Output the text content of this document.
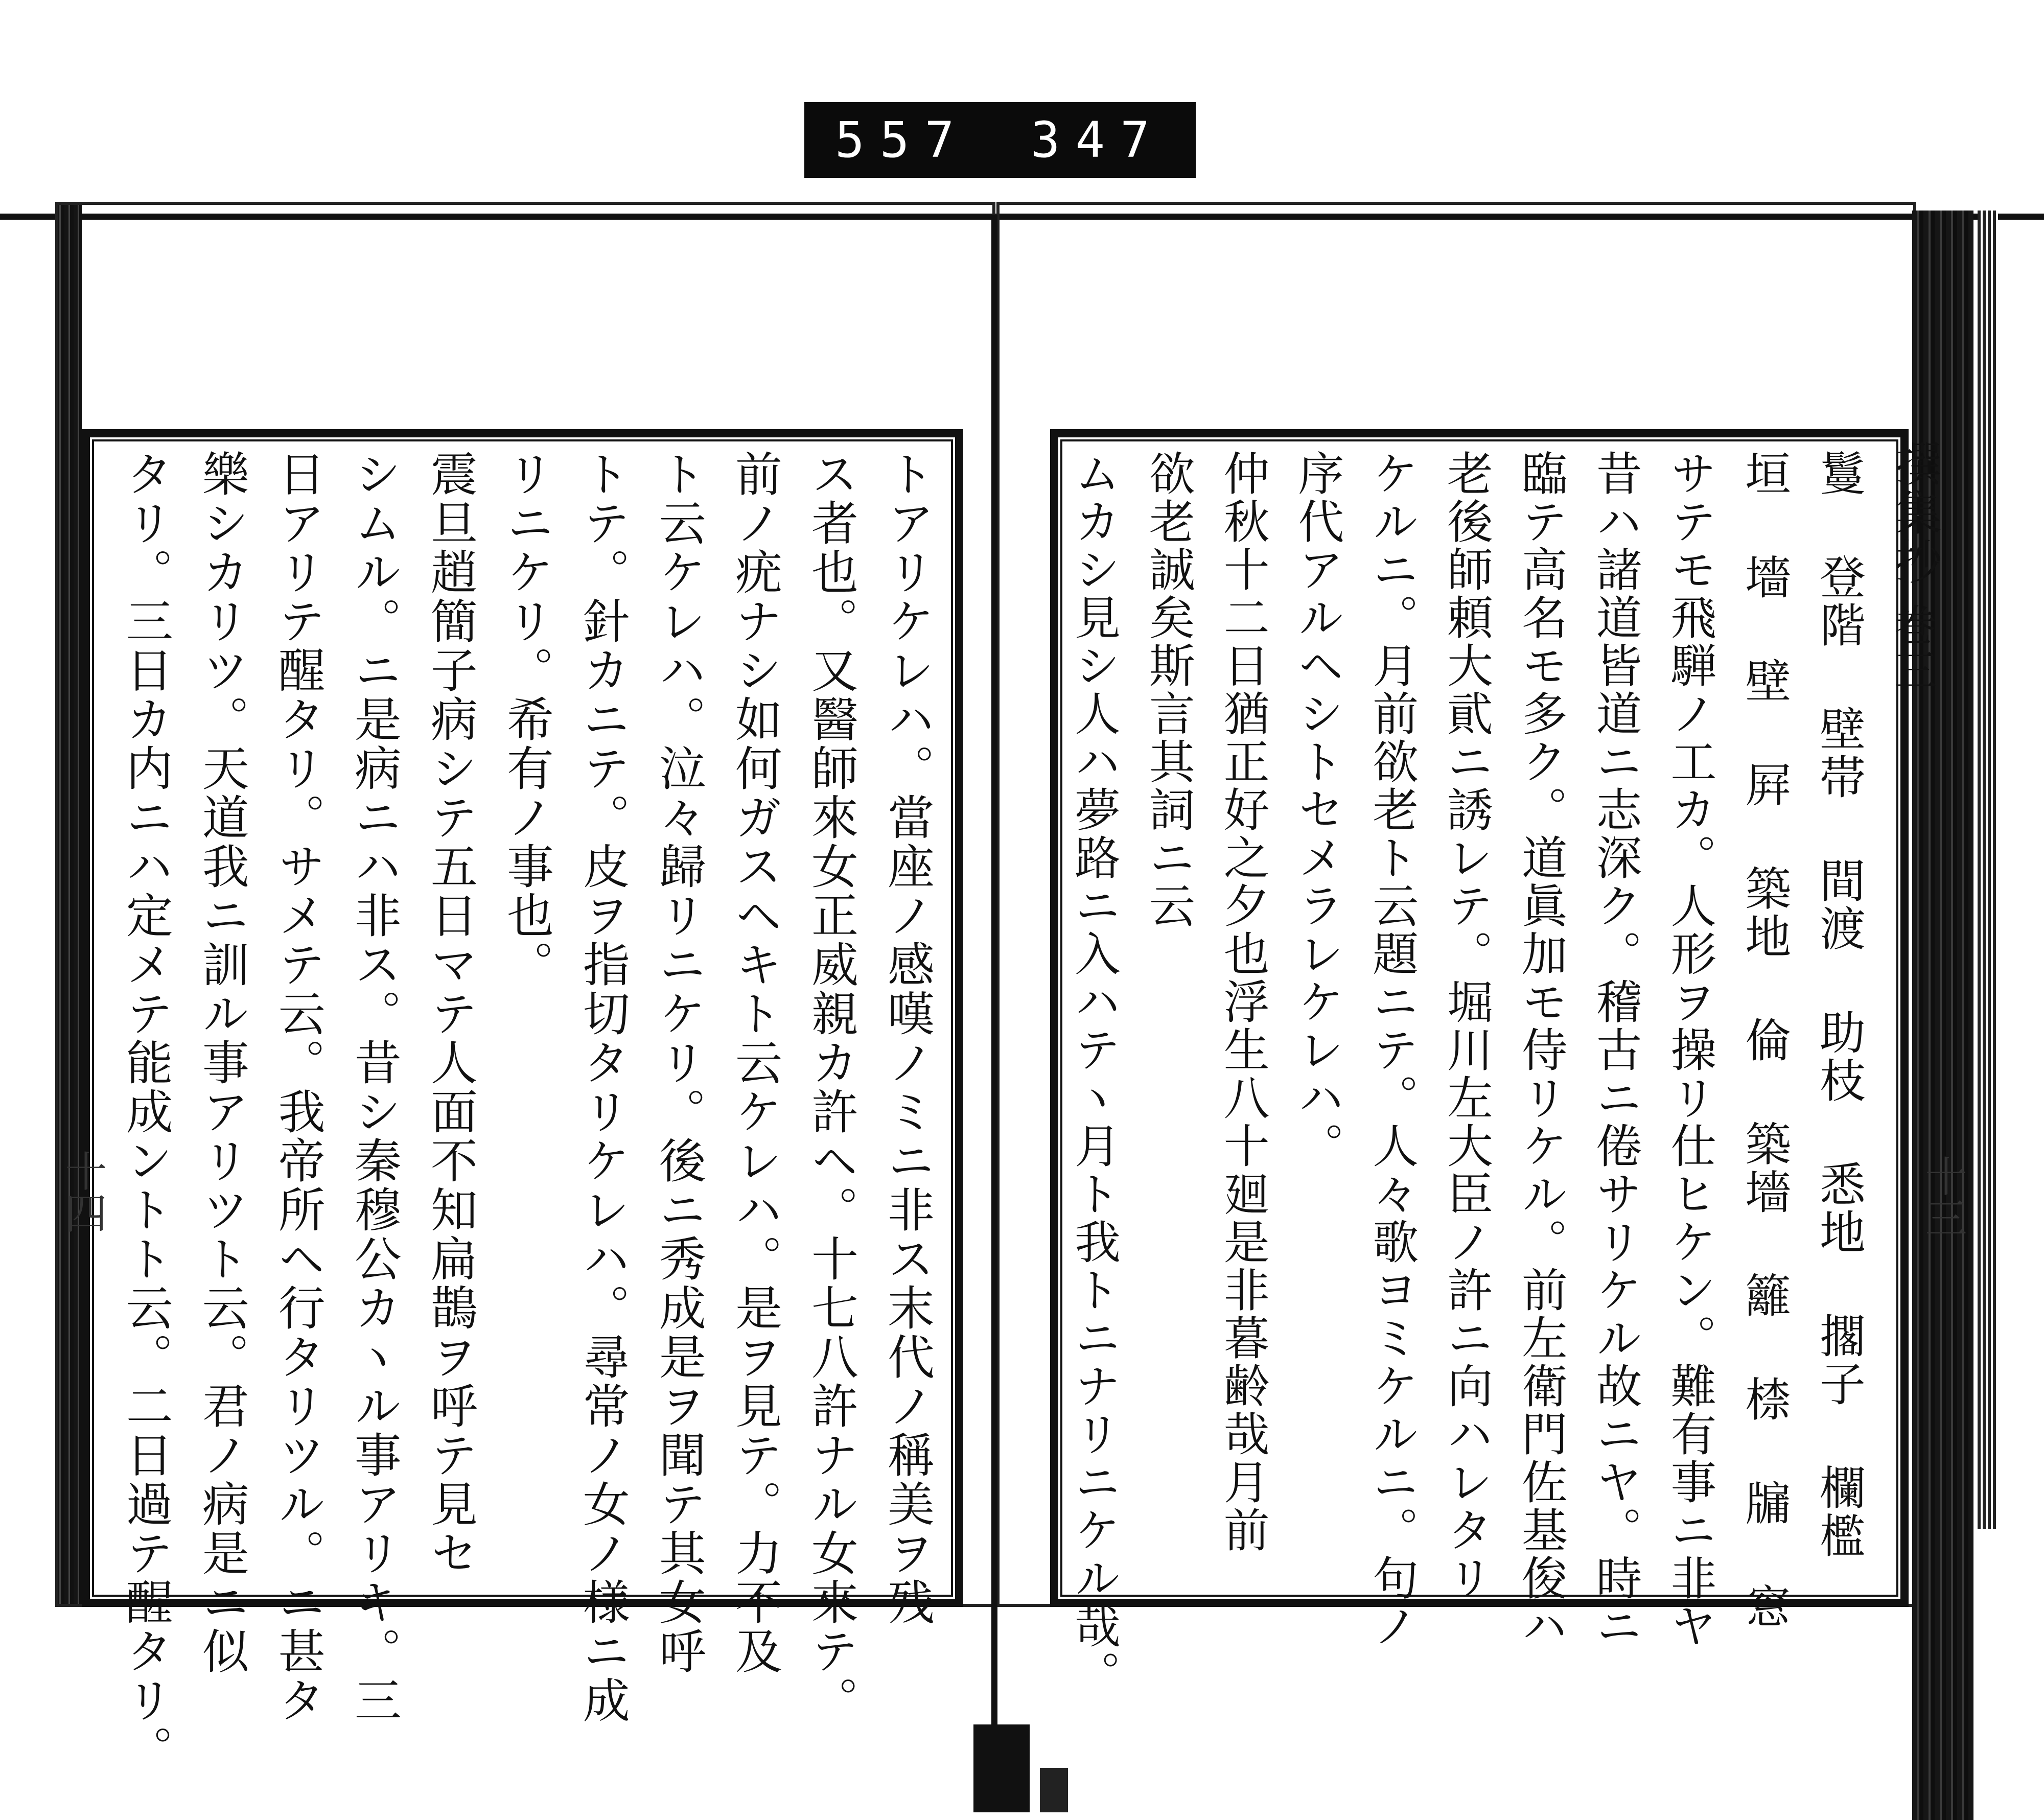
557 347
撰集抄
巻三
十三
鬘 登階 壁帯 間渡 助枝 悉地 擱子 欄檻
垣 墻 壁 屛 築地 倫 築墻 籬 㮏 牖 窓
サテモ飛騨ノ工カ。人形ヲ操リ仕ヒケン。難有事ニ非ヤ
昔ハ諸道皆道ニ志深ク。稽古ニ倦サリケル故ニヤ。時ニ
臨テ高名モ多ク。道眞加モ侍リケル。前左衛門佐基俊ハ
老後師頼大貮ニ誘レテ。堀川左大臣ノ許ニ向ハレタリ
ケルニ。月前欲老ト云題ニテ。人々歌ヨミケルニ。句ノ
序代アルヘシトセメラレケレハ。
仲秋十二日猶正好之夕也浮生八十廻是非暮齢哉月前
欲老誠矣斯言其詞ニ云
ムカシ見シ人ハ夢路ニ入ハテヽ月ト我トニナリニケル哉。
十四	トアリケレハ。當座ノ感嘆ノミニ非ス末代ノ稱美ヲ残
ス者也。又醫師來女正威親カ許ヘ。十七八許ナル女來テ。
前ノ疣ナシ如何ガスヘキト云ケレハ。是ヲ見テ。力不及
ト云ケレハ。泣々歸リニケリ。後ニ秀成是ヲ聞テ其女呼
トテ。針カニテ。皮ヲ指切タリケレハ。尋常ノ女ノ様ニ成
リニケリ。希有ノ事也。
震旦趙簡子病シテ五日マテ人面不知扁鵲ヲ呼テ見セ
シムル。ニ是病ニハ非ス。昔シ秦穆公カヽル事アリキ。三
日アリテ醒タリ。サメテ云。我帝所ヘ行タリツル。ニ甚タ
樂シカリツ。天道我ニ訓ル事アリツト云。君ノ病是ニ似
タリ。三日カ内ニハ定メテ能成ントト云。二日過テ醒タリ。
